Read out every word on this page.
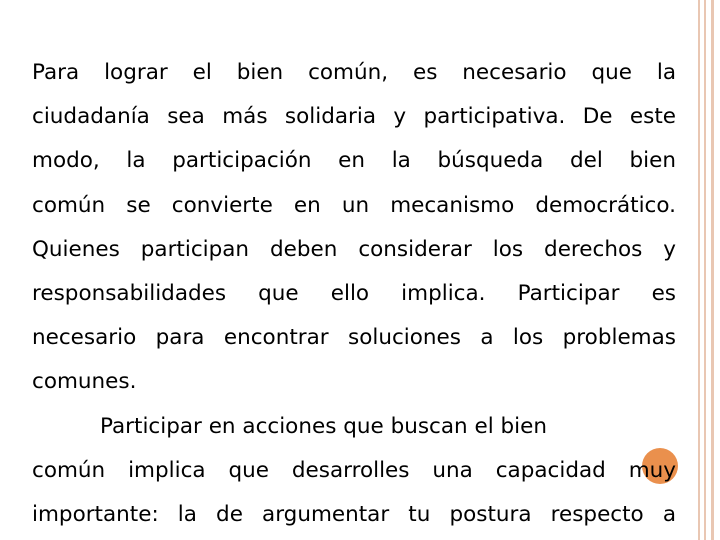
Para lograr el bien común, es necesario que la
ciudadanía sea más solidaria y participativa. De este
modo, la participación en la búsqueda del bien
común se convierte en un mecanismo democrático.
Quienes participan deben considerar los derechos y
responsabilidades que ello implica. Participar es
necesario para encontrar soluciones a los problemas
comunes.
Participar en acciones que buscan el bien
común implica que desarrolles una capacidad muy
importante: la de argumentar tu postura respecto a
